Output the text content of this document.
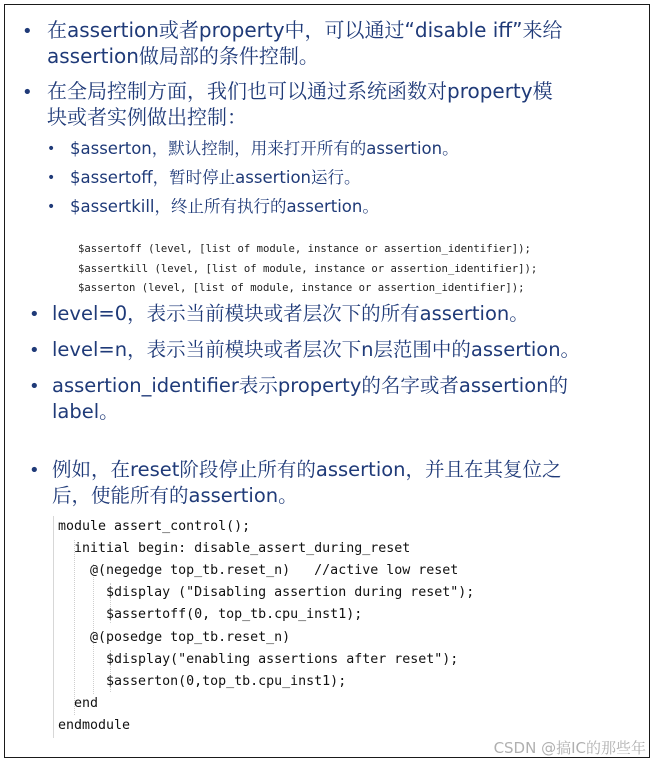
• 在assertion或者property中，可以通过“disable iff”来给
assertion做局部的条件控制。
• 在全局控制方面，我们也可以通过系统函数对property模
块或者实例做出控制：
• $asserton，默认控制，用来打开所有的assertion。
• $assertoff，暂时停止assertion运行。
• $assertkill，终止所有执行的assertion。
$assertoff (level, [list of module, instance or assertion_identifier]);
$assertkill (level, [list of module, instance or assertion_identifier]);
$asserton (level, [list of module, instance or assertion_identifier]);
• level=0，表示当前模块或者层次下的所有assertion。
• level=n，表示当前模块或者层次下n层范围中的assertion。
• assertion_identifier表示property的名字或者assertion的
label。
• 例如，在reset阶段停止所有的assertion，并且在其复位之
后，使能所有的assertion。
module assert_control();
initial begin: disable_assert_during_reset
@(negedge top_tb.reset_n)   //active low reset
$display ("Disabling assertion during reset");
$assertoff(0, top_tb.cpu_inst1);
@(posedge top_tb.reset_n)
$display("enabling assertions after reset");
$asserton(0,top_tb.cpu_inst1);
end
endmodule
CSDN @搞IC的那些年
